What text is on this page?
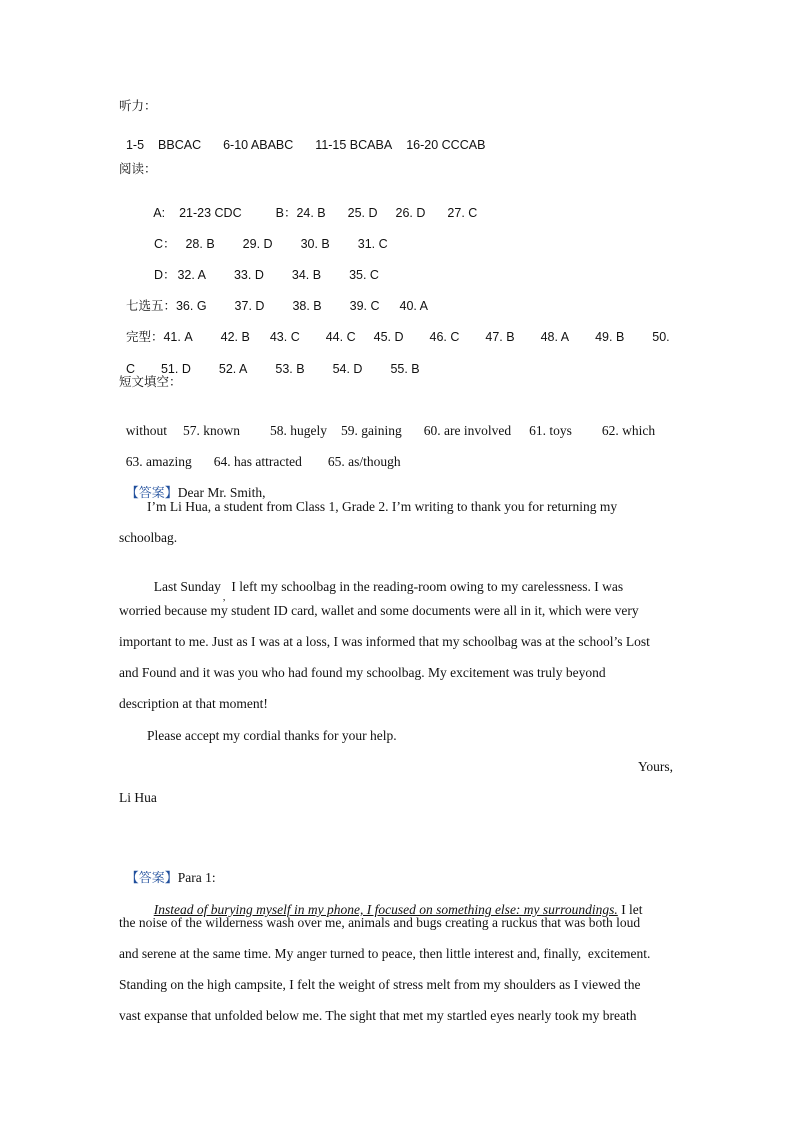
听力：

1-5 BBCAC 6-10 ABABC 11-15 BCABA 16-20 CCCAB

阅读：

A: 21-23 CDC	B：24. B 25. D 26. D 27. C

C： 28. B 29. D 30. B 31. C

D： 32. A 33. D 34. B 35. C

七选五：36. G 37. D 38. B 39. C 40. A

完型：41. A 42. B 43. C 44. C 45. D 46. C 47. B 48. A 49. B 50.

C 51. D 52. A 53. B 54. D 55. B

短文填空：

without 57. known 58. hugely 59. gaining 60. are involved 61. toys 62. which

63. amazing 64. has attracted 65. as/though

【答案】Dear Mr. Smith,

I’m Li Hua, a student from Class 1, Grade 2. I’m writing to thank you for returning my
schoolbag.

Last Sunday$_,$I left my schoolbag in the reading-room owing to my carelessness. I was

worried because my student ID card, wallet and some documents were all in it, which were very
important to me. Just as I was at a loss, I was informed that my schoolbag was at the school’s Lost
and Found and it was you who had found my schoolbag. My excitement was truly beyond
description at that moment!
Please accept my cordial thanks for your help.
Yours,
Li Hua

【答案】Para 1:

Instead of burying myself in my phone, I focused on something else: my surroundings. I let

the noise of the wilderness wash over me, animals and bugs creating a ruckus that was both loud
and serene at the same time. My anger turned to peace, then little interest and, finally,  excitement.
Standing on the high campsite, I felt the weight of stress melt from my shoulders as I viewed the
vast expanse that unfolded below me. The sight that met my startled eyes nearly took my breath
